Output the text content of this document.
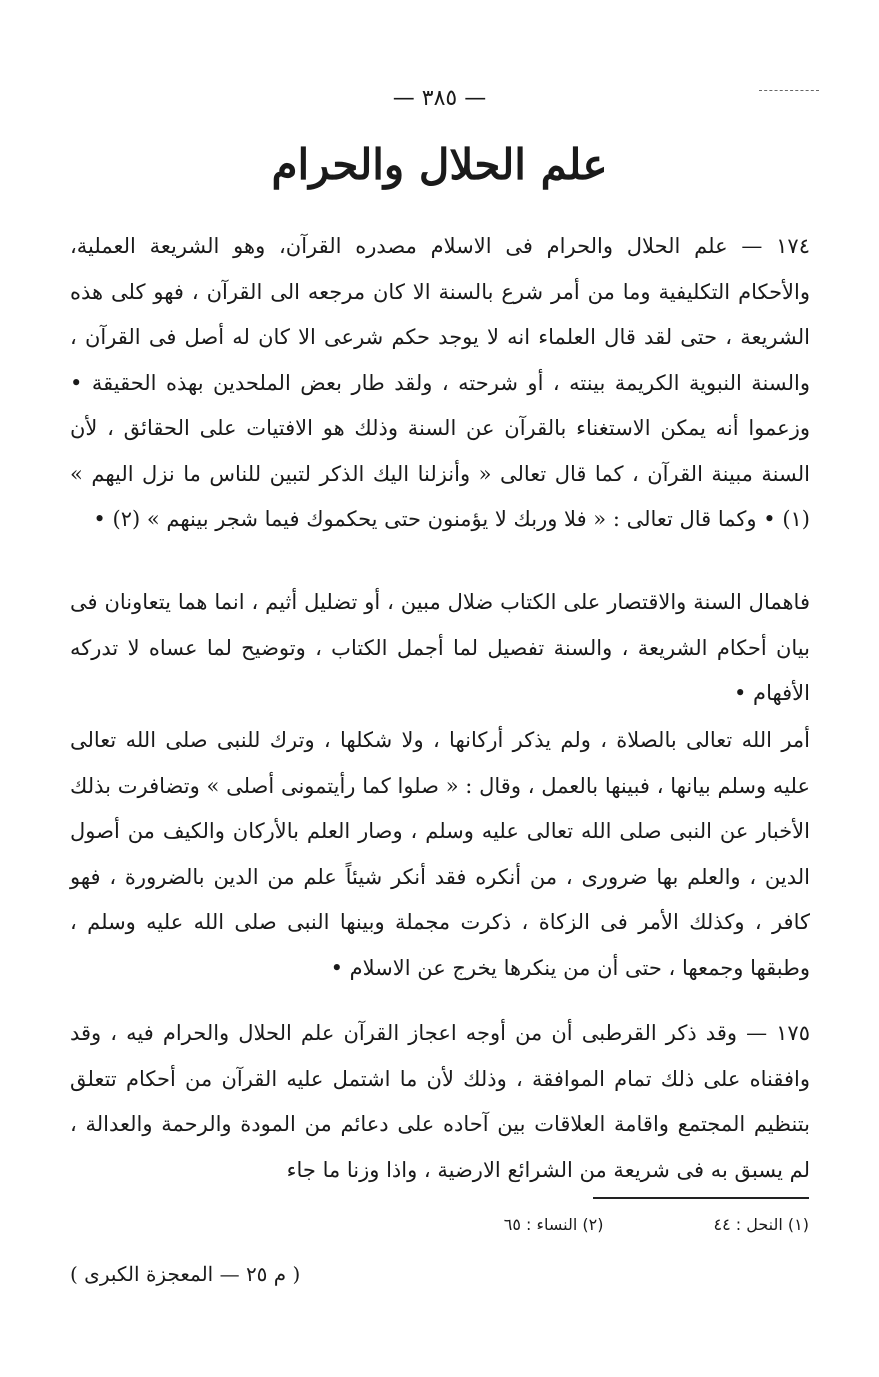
— ٣٨٥ —
علم الحلال والحرام
١٧٤ — علم الحلال والحرام فى الاسلام مصدره القرآن، وهو الشريعة العملية، والأحكام التكليفية وما من أمر شرع بالسنة الا كان مرجعه الى القرآن ، فهو كلى هذه الشريعة ، حتى لقد قال العلماء انه لا يوجد حكم شرعى الا كان له أصل فى القرآن ، والسنة النبوية الكريمة بينته ، أو شرحته ، ولقد طار بعض الملحدين بهذه الحقيقة • وزعموا أنه يمكن الاستغناء بالقرآن عن السنة وذلك هو الافتيات على الحقائق ، لأن السنة مبينة القرآن ، كما قال تعالى « وأنزلنا اليك الذكر لتبين للناس ما نزل اليهم » (١) • وكما قال تعالى : « فلا وربك لا يؤمنون حتى يحكموك فيما شجر بينهم » (٢) •
فاهمال السنة والاقتصار على الكتاب ضلال مبين ، أو تضليل أثيم ، انما هما يتعاونان فى بيان أحكام الشريعة ، والسنة تفصيل لما أجمل الكتاب ، وتوضيح لما عساه لا تدركه الأفهام •
أمر الله تعالى بالصلاة ، ولم يذكر أركانها ، ولا شكلها ، وترك للنبى صلى الله تعالى عليه وسلم بيانها ، فبينها بالعمل ، وقال : « صلوا كما رأيتمونى أصلى » وتضافرت بذلك الأخبار عن النبى صلى الله تعالى عليه وسلم ، وصار العلم بالأركان والكيف من أصول الدين ، والعلم بها ضرورى ، من أنكره فقد أنكر شيئاً علم من الدين بالضرورة ، فهو كافر ، وكذلك الأمر فى الزكاة ، ذكرت مجملة وبينها النبى صلى الله عليه وسلم ، وطبقها وجمعها ، حتى أن من ينكرها يخرج عن الاسلام •
١٧٥ — وقد ذكر القرطبى أن من أوجه اعجاز القرآن علم الحلال والحرام فيه ، وقد وافقناه على ذلك تمام الموافقة ، وذلك لأن ما اشتمل عليه القرآن من أحكام تتعلق بتنظيم المجتمع واقامة العلاقات بين آحاده على دعائم من المودة والرحمة والعدالة ، لم يسبق به فى شريعة من الشرائع الارضية ، واذا وزنا ما جاء
(١) النحل : ٤٤
(٢) النساء : ٦٥
( م ٢٥ — المعجزة الكبرى )
